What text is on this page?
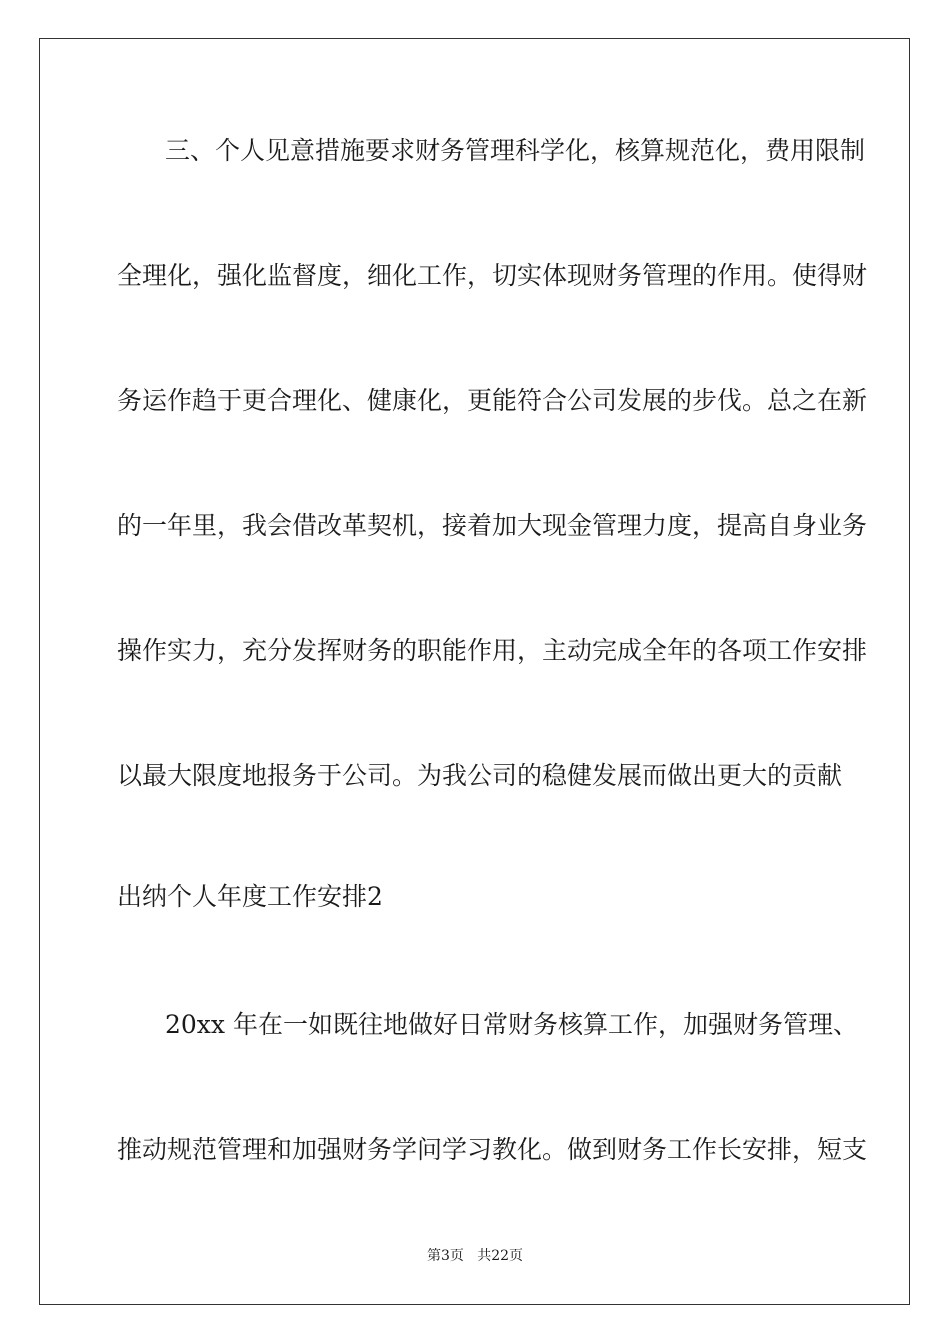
三、个人见意措施要求财务管理科学化，核算规范化，费用限制
全理化，强化监督度，细化工作，切实体现财务管理的作用。使得财
务运作趋于更合理化、健康化，更能符合公司发展的步伐。总之在新
的一年里，我会借改革契机，接着加大现金管理力度，提高自身业务
操作实力，充分发挥财务的职能作用，主动完成全年的各项工作安排
以最大限度地报务于公司。为我公司的稳健发展而做出更大的贡献
出纳个人年度工作安排2
20xx 年在一如既往地做好日常财务核算工作，加强财务管理、
推动规范管理和加强财务学问学习教化。做到财务工作长安排，短支
第3页   共22页
